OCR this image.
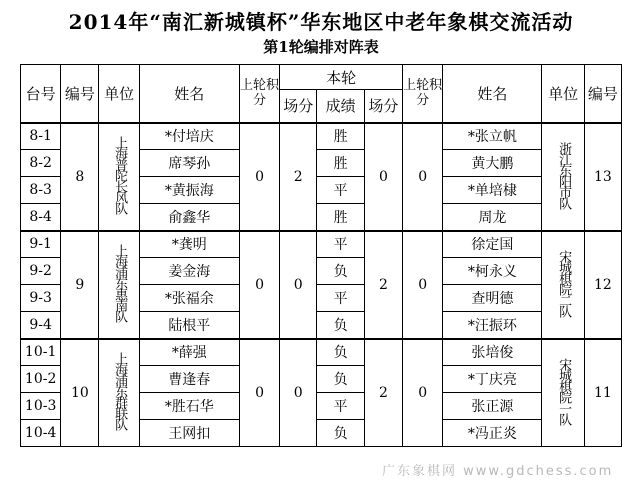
2014年“南汇新城镇杯”华东地区中老年象棋交流活动
第1轮编排对阵表
台号	编号	单位	姓名	上轮积分	本轮			上轮积分	姓名	单位	编号
					场分	成绩	场分				
8-1	8	上海普陀长风队	*付培庆	0	2	胜	0	0	*张立帆	浙江东阳市队	13
8-2			席琴孙			胜			黄大鹏		
8-3			*黄振海			平			*单培棣		
8-4			俞鑫华			胜			周龙		
9-1	9	上海浦东惠南队	*龚明	0	0	平	2	0	徐定国	宋城棋院二队	12
9-2			姜金海			负			*柯永义		
9-3			*张福余			平			查明德		
9-4			陆根平			负			*汪振环		
10-1	10	上海浦东群联队	*薛强	0	0	负	2	0	张培俊	宋城棋院一队	11
10-2			曹逢春			负			*丁庆亮		
10-3			*胜石华			平			张正源		
10-4			王网扣			负			*冯正炎		
广东象棋网 www.gdchess.com
